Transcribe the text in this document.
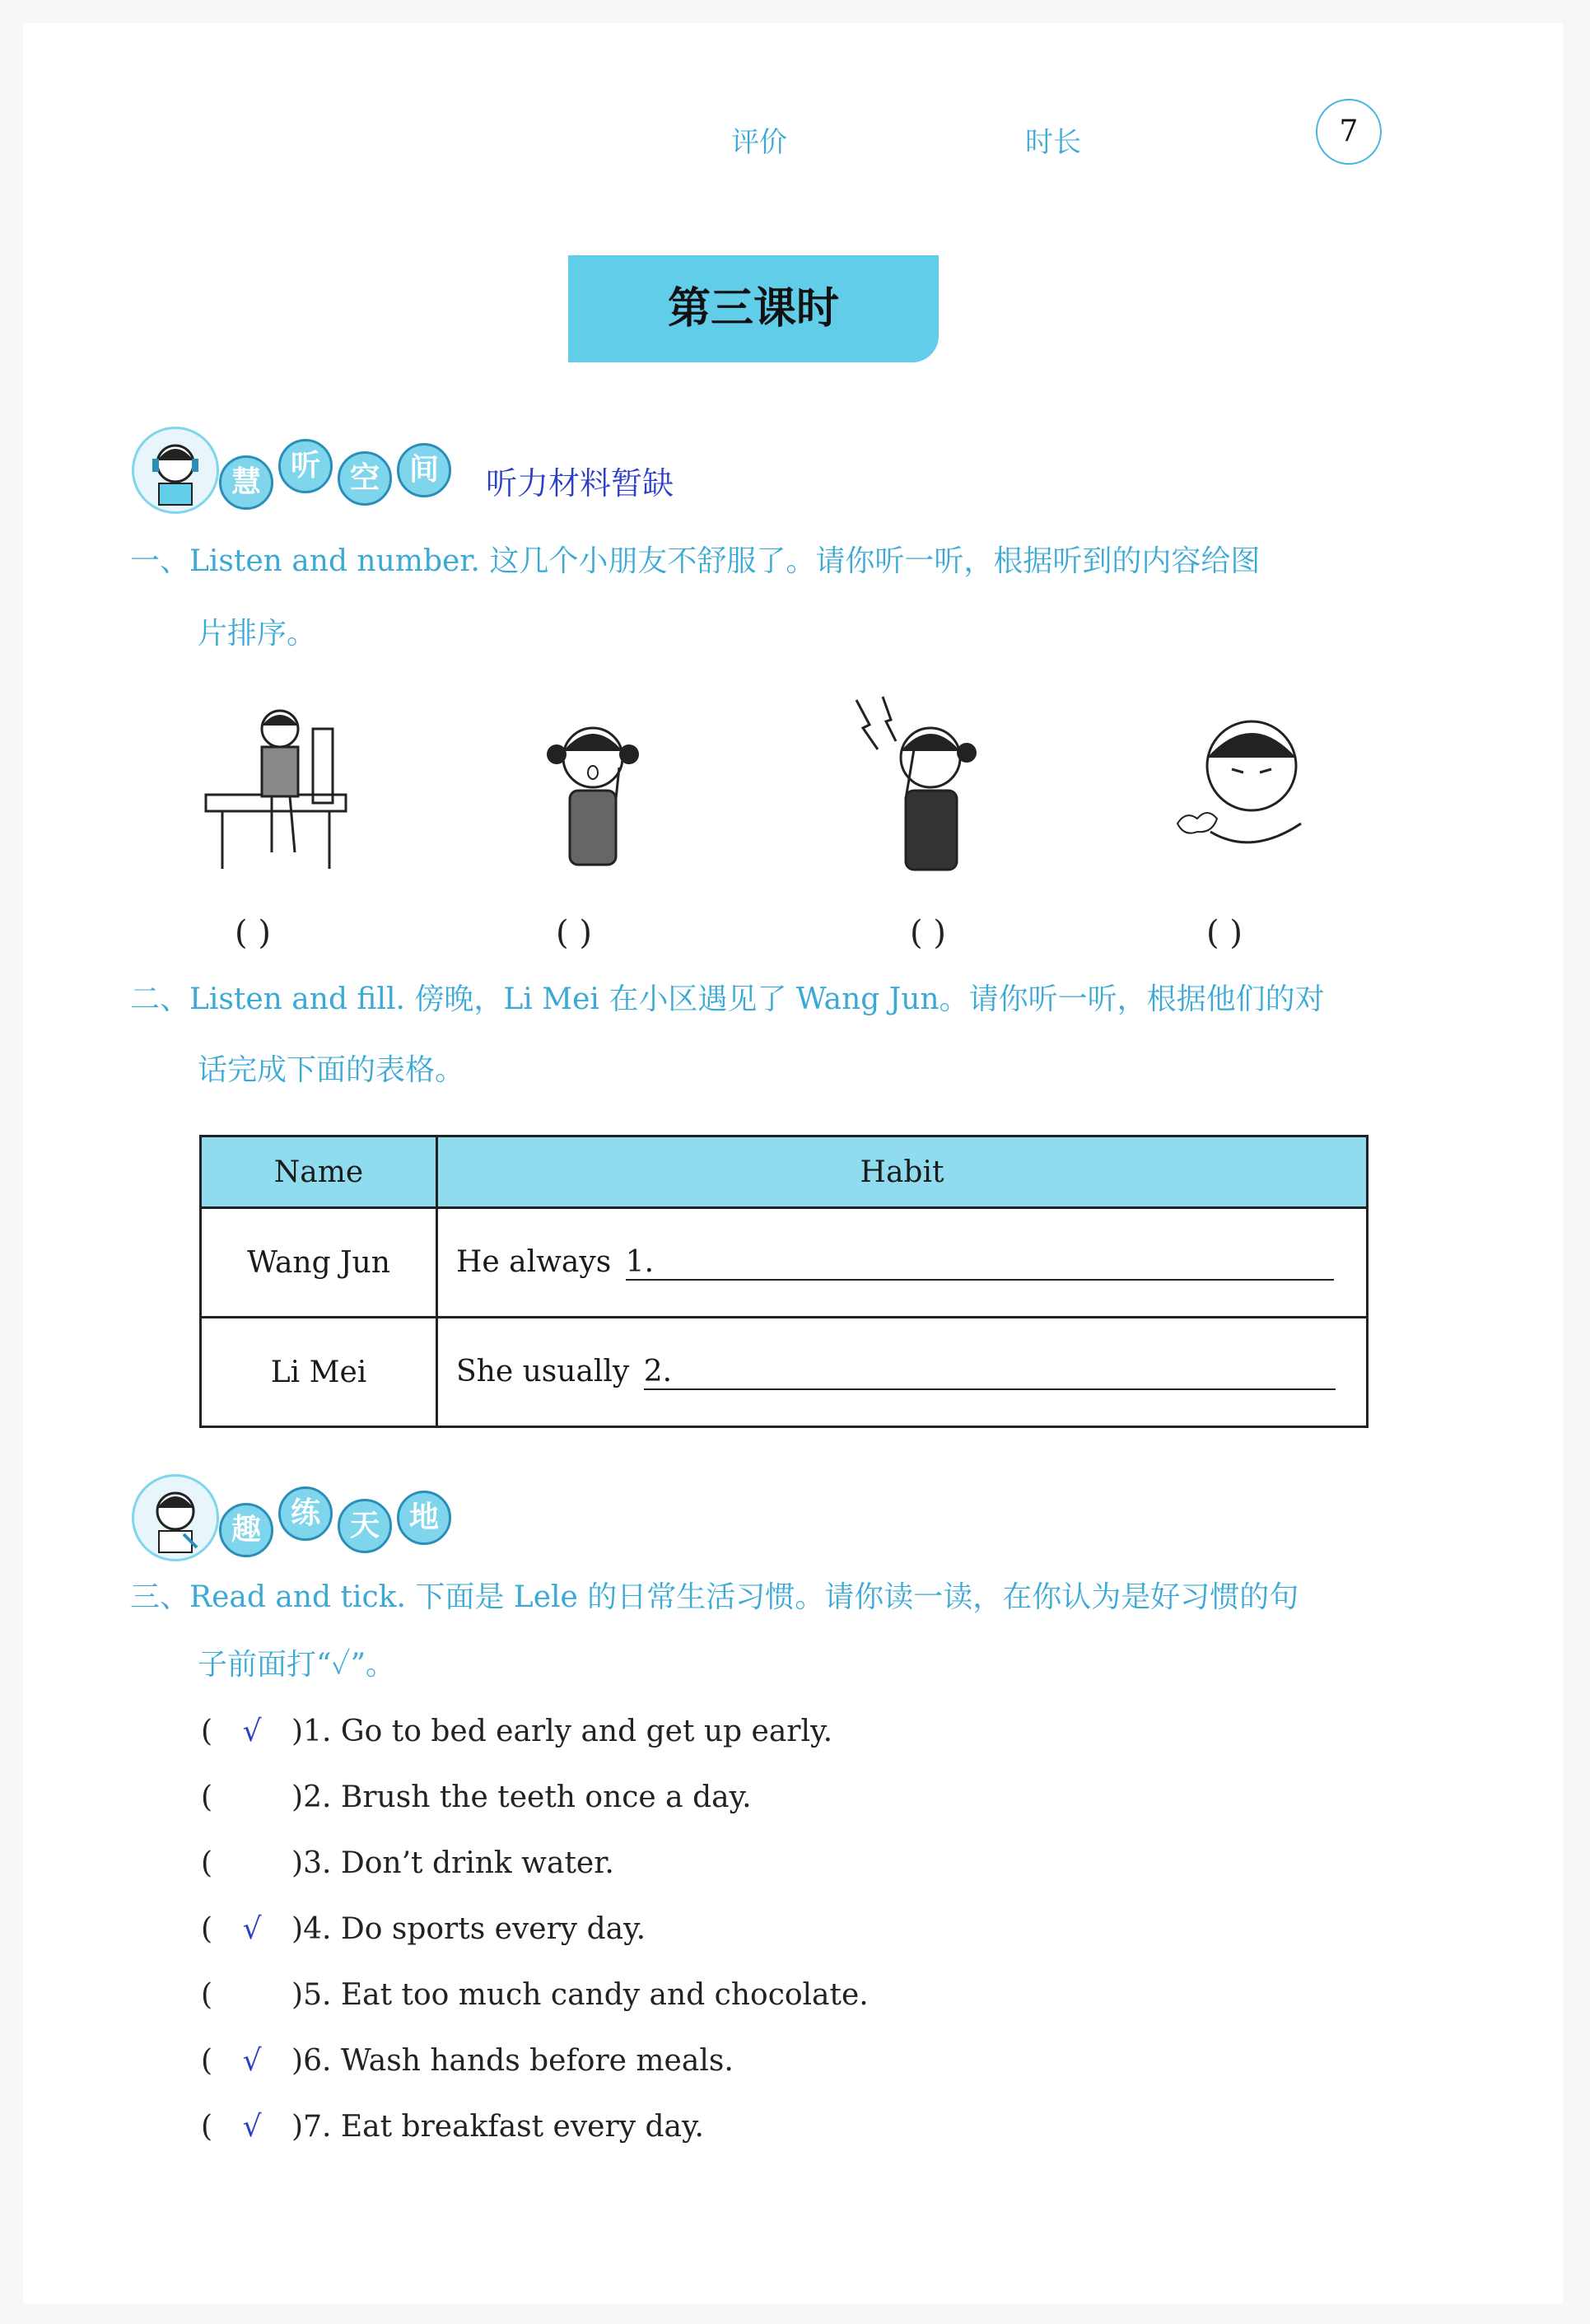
评价	时长	7
第三课时
慧 听 空 间	听力材料暂缺
一、Listen and number. 这几个小朋友不舒服了。请你听一听，根据听到的内容给图
片排序。
( )	( )	( )	( )
二、Listen and fill. 傍晚，Li Mei 在小区遇见了 Wang Jun。请你听一听，根据他们的对
话完成下面的表格。
Name	Habit
Wang Jun	He always 1.
Li Mei	She usually 2.
趣 练 天 地
三、Read and tick. 下面是 Lele 的日常生活习惯。请你读一读，在你认为是好习惯的句
子前面打“✓”。
( √ )1. Go to bed early and get up early.
(	)2. Brush the teeth once a day.
(	)3. Don’t drink water.
( √ )4. Do sports every day.
(	)5. Eat too much candy and chocolate.
( √ )6. Wash hands before meals.
( √ )7. Eat breakfast every day.
